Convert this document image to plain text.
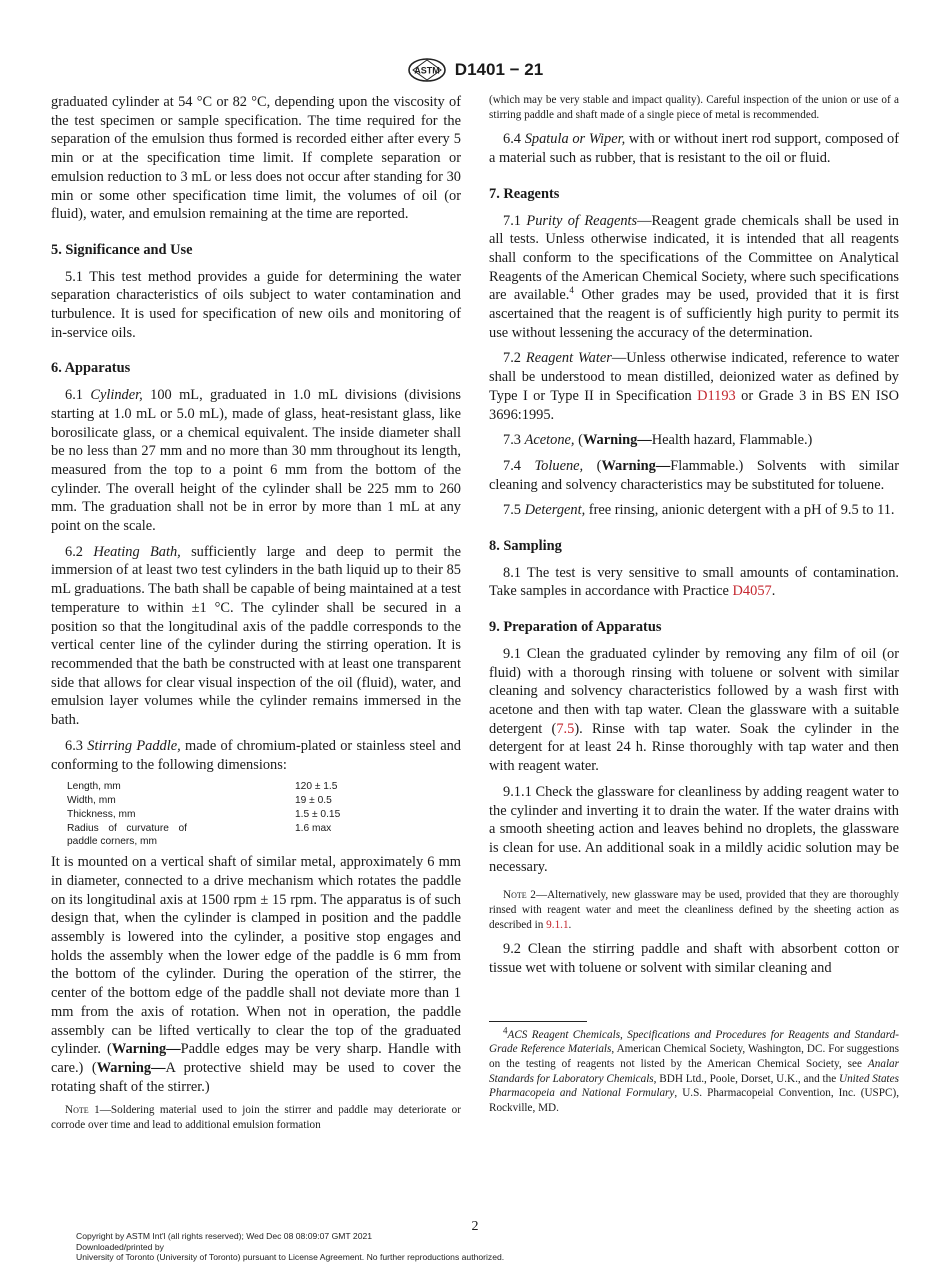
ASTM D1401 − 21

graduated cylinder at 54 °C or 82 °C, depending upon the viscosity of the test specimen or sample specification. The time required for the separation of the emulsion thus formed is recorded either after every 5 min or at the specification time limit. If complete separation or emulsion reduction to 3 mL or less does not occur after standing for 30 min or some other specification time limit, the volumes of oil (or fluid), water, and emulsion remaining at the time are reported.

5. Significance and Use

5.1 This test method provides a guide for determining the water separation characteristics of oils subject to water contamination and turbulence. It is used for specification of new oils and monitoring of in-service oils.

6. Apparatus

6.1 Cylinder, 100 mL, graduated in 1.0 mL divisions (divisions starting at 1.0 mL or 5.0 mL), made of glass, heat-resistant glass, like borosilicate glass, or a chemical equivalent. The inside diameter shall be no less than 27 mm and no more than 30 mm throughout its length, measured from the top to a point 6 mm from the bottom of the cylinder. The overall height of the cylinder shall be 225 mm to 260 mm. The graduation shall not be in error by more than 1 mL at any point on the scale.

6.2 Heating Bath, sufficiently large and deep to permit the immersion of at least two test cylinders in the bath liquid up to their 85 mL graduations. The bath shall be capable of being maintained at a test temperature to within ±1 °C. The cylinder shall be secured in a position so that the longitudinal axis of the paddle corresponds to the vertical center line of the cylinder during the stirring operation. It is recommended that the bath be constructed with at least one transparent side that allows for clear visual inspection of the oil (fluid), water, and emulsion layer volumes while the cylinder remains immersed in the bath.

6.3 Stirring Paddle, made of chromium-plated or stainless steel and conforming to the following dimensions:

Length, mm	120 ± 1.5
Width, mm	19 ± 0.5
Thickness, mm	1.5 ± 0.15
Radius of curvature of paddle corners, mm	1.6 max

It is mounted on a vertical shaft of similar metal, approximately 6 mm in diameter, connected to a drive mechanism which rotates the paddle on its longitudinal axis at 1500 rpm ± 15 rpm. The apparatus is of such design that, when the cylinder is clamped in position and the paddle assembly is lowered into the cylinder, a positive stop engages and holds the assembly when the lower edge of the paddle is 6 mm from the bottom of the cylinder. During the operation of the stirrer, the center of the bottom edge of the paddle shall not deviate more than 1 mm from the axis of rotation. When not in operation, the paddle assembly can be lifted vertically to clear the top of the graduated cylinder. (Warning—Paddle edges may be very sharp. Handle with care.) (Warning—A protective shield may be used to cover the rotating shaft of the stirrer.)

Note 1—Soldering material used to join the stirrer and paddle may deteriorate or corrode over time and lead to additional emulsion formation
(which may be very stable and impact quality). Careful inspection of the union or use of a stirring paddle and shaft made of a single piece of metal is recommended.

6.4 Spatula or Wiper, with or without inert rod support, composed of a material such as rubber, that is resistant to the oil or fluid.

7. Reagents

7.1 Purity of Reagents—Reagent grade chemicals shall be used in all tests. Unless otherwise indicated, it is intended that all reagents shall conform to the specifications of the Committee on Analytical Reagents of the American Chemical Society, where such specifications are available.$^4$ Other grades may be used, provided that it is first ascertained that the reagent is of sufficiently high purity to permit its use without lessening the accuracy of the determination.

7.2 Reagent Water—Unless otherwise indicated, reference to water shall be understood to mean distilled, deionized water as defined by Type I or Type II in Specification D1193 or Grade 3 in BS EN ISO 3696:1995.

7.3 Acetone, (Warning—Health hazard, Flammable.)

7.4 Toluene, (Warning—Flammable.) Solvents with similar cleaning and solvency characteristics may be substituted for toluene.

7.5 Detergent, free rinsing, anionic detergent with a pH of 9.5 to 11.

8. Sampling

8.1 The test is very sensitive to small amounts of contamination. Take samples in accordance with Practice D4057.

9. Preparation of Apparatus

9.1 Clean the graduated cylinder by removing any film of oil (or fluid) with a thorough rinsing with toluene or solvent with similar cleaning and solvency characteristics followed by a wash first with acetone and then with tap water. Clean the glassware with a suitable detergent (7.5). Rinse with tap water. Soak the cylinder in the detergent for at least 24 h. Rinse thoroughly with tap water and then with reagent water.

9.1.1 Check the glassware for cleanliness by adding reagent water to the cylinder and inverting it to drain the water. If the water drains with a smooth sheeting action and leaves behind no droplets, the glassware is clean for use. An additional soak in a mildly acidic solution may be necessary.

Note 2—Alternatively, new glassware may be used, provided that they are thoroughly rinsed with reagent water and meet the cleanliness defined by the sheeting action as described in 9.1.1.

9.2 Clean the stirring paddle and shaft with absorbent cotton or tissue wet with toluene or solvent with similar cleaning and

$^4$ACS Reagent Chemicals, Specifications and Procedures for Reagents and Standard-Grade Reference Materials, American Chemical Society, Washington, DC. For suggestions on the testing of reagents not listed by the American Chemical Society, see Analar Standards for Laboratory Chemicals, BDH Ltd., Poole, Dorset, U.K., and the United States Pharmacopeia and National Formulary, U.S. Pharmacopeial Convention, Inc. (USPC), Rockville, MD.
2
Copyright by ASTM Int'l (all rights reserved); Wed Dec 08 08:09:07 GMT 2021
Downloaded/printed by
University of Toronto (University of Toronto) pursuant to License Agreement. No further reproductions authorized.
